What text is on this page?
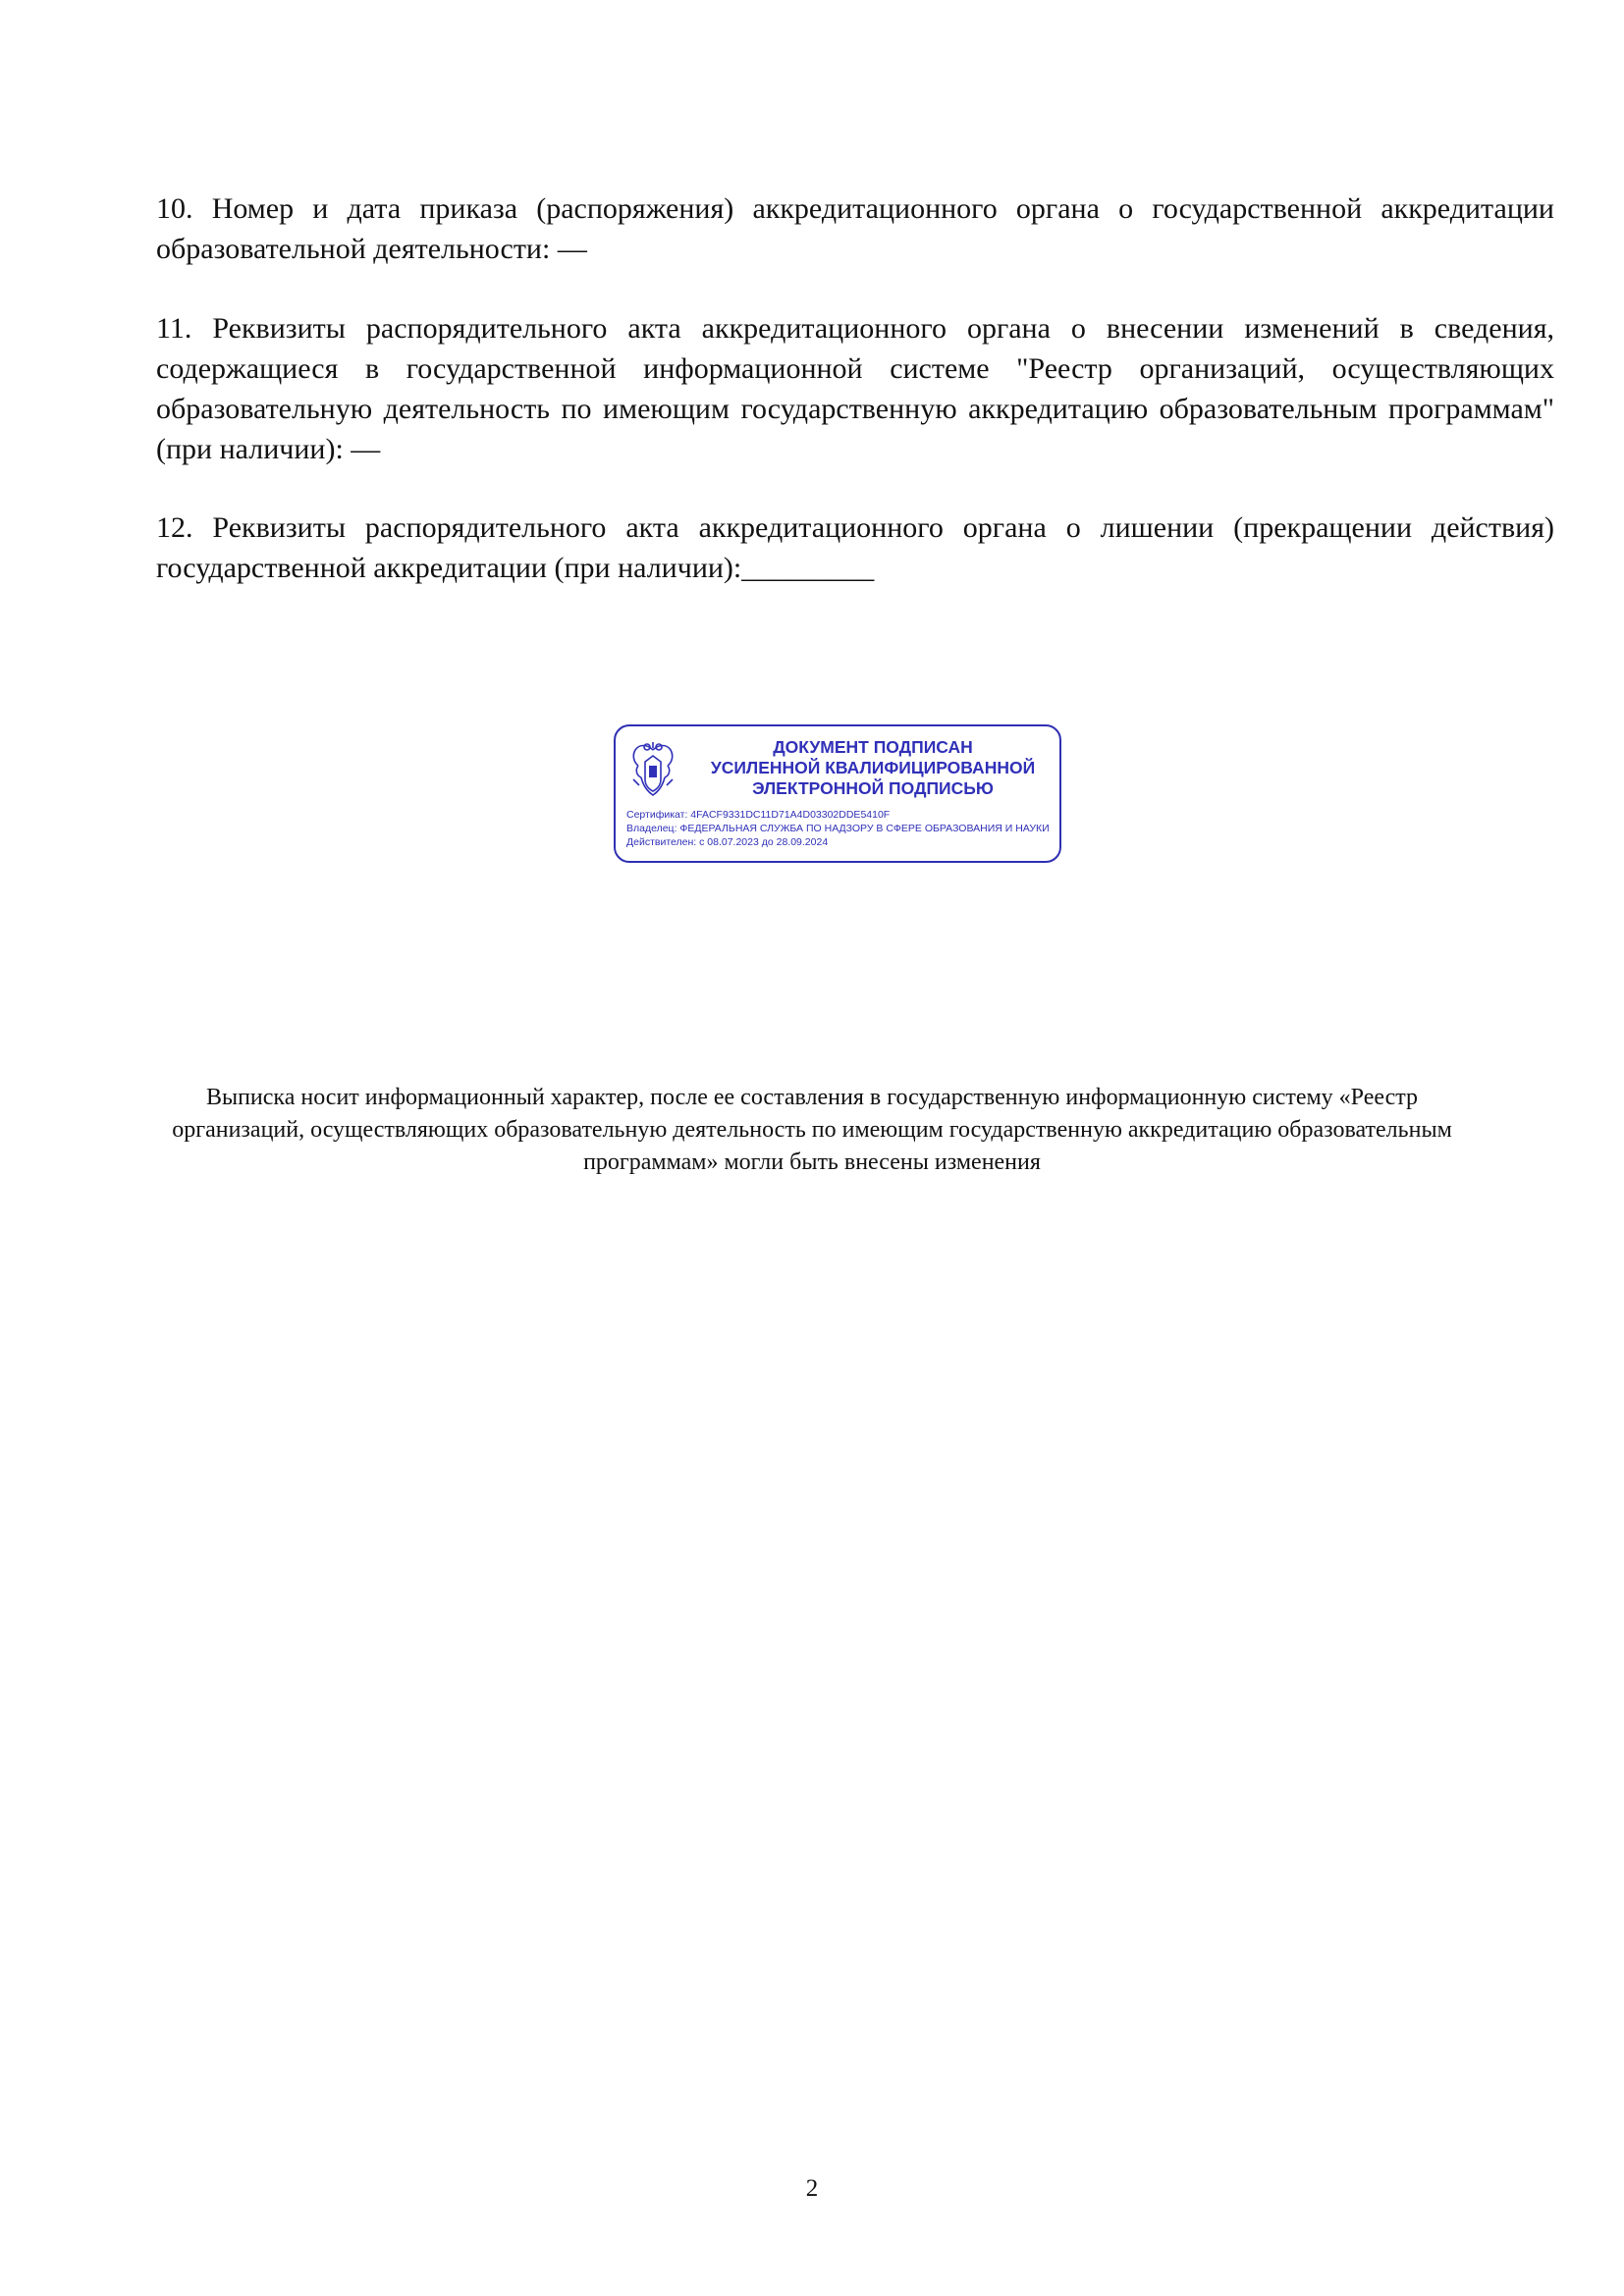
10. Номер и дата приказа (распоряжения) аккредитационного органа о государственной аккредитации образовательной деятельности: —

11. Реквизиты распорядительного акта аккредитационного органа о внесении изменений в сведения, содержащиеся в государственной информационной системе "Реестр организаций, осуществляющих образовательную деятельность по имеющим государственную аккредитацию образовательным программам" (при наличии): —

12. Реквизиты распорядительного акта аккредитационного органа о лишении (прекращении действия) государственной аккредитации (при наличии):_________

ДОКУМЕНТ ПОДПИСАН
УСИЛЕННОЙ КВАЛИФИЦИРОВАННОЙ
ЭЛЕКТРОННОЙ ПОДПИСЬЮ
Сертификат: 4FACF9331DC11D71A4D03302DDE5410F
Владелец: ФЕДЕРАЛЬНАЯ СЛУЖБА ПО НАДЗОРУ В СФЕРЕ ОБРАЗОВАНИЯ И НАУКИ
Действителен: с 08.07.2023 до 28.09.2024

Выписка носит информационный характер, после ее составления в государственную информационную систему «Реестр организаций, осуществляющих образовательную деятельность по имеющим государственную аккредитацию образовательным программам» могли быть внесены изменения

2
